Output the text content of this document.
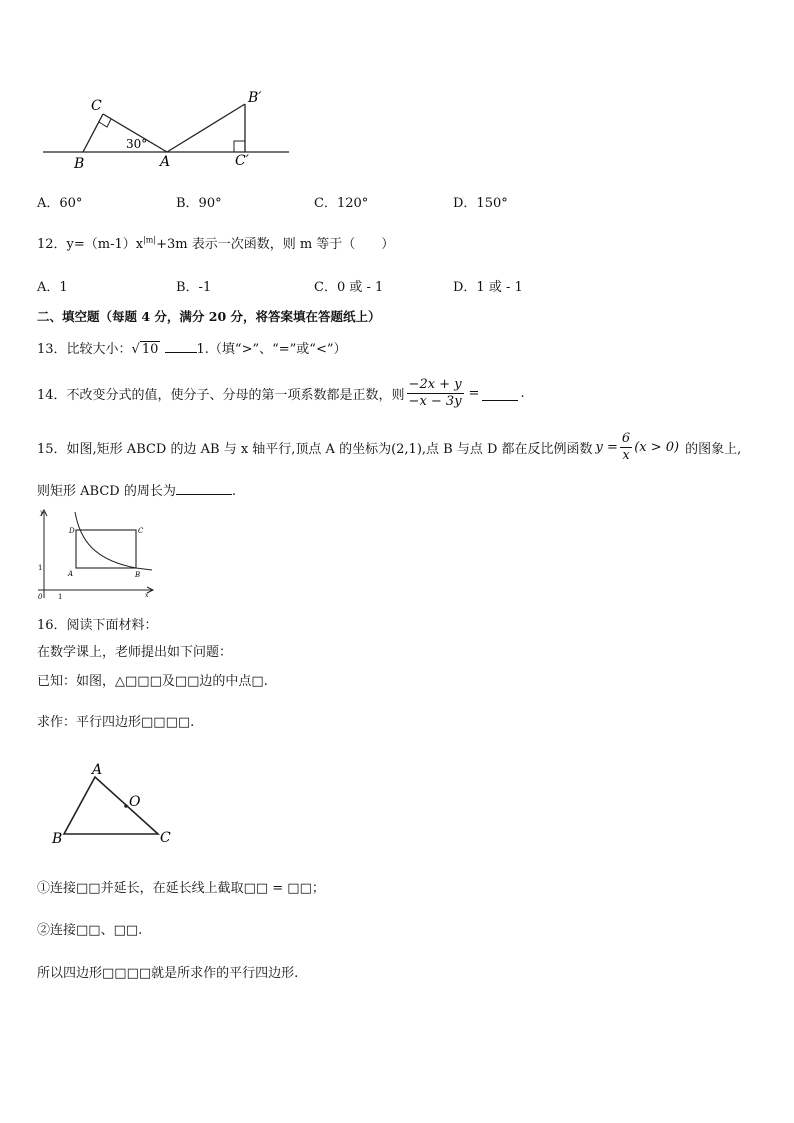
C
B
30°
A
B′
C′
A．60°	B．90°	C．120°	D．150°
12．$y=(m-1)x^{|m|}+3m$ 表示一次函数，则 m 等于（　　）
A．1	B．-1	C．0 或 - 1	D．1 或 - 1
二、填空题（每题 4 分，满分 20 分，将答案填在答题纸上）
13．比较大小：√ 10	1.（填“>”、“=”或“<”）
14．不改变分式的值，使分子、分母的第一项系数都是正数，则 $\frac{-2x + y}{-x - 3y}$ =	.
15．如图,矩形 ABCD 的边 AB 与 x 轴平行,顶点 A 的坐标为(2,1),点 B 与点 D 都在反比例函数 $y = \frac{6}{x} (x > 0)$ 的图象上,
则矩形 ABCD 的周长为	.
y
x
D	C
A	B
1
0 1
16．阅读下面材料：
在数学课上，老师提出如下问题：
已知：如图，△□□□及□□边的中点□.
求作：平行四边形□□□□.
A
B	C
O
①连接□□并延长，在延长线上截取□□ = □□；
②连接□□、□□.
所以四边形□□□□就是所求作的平行四边形.
